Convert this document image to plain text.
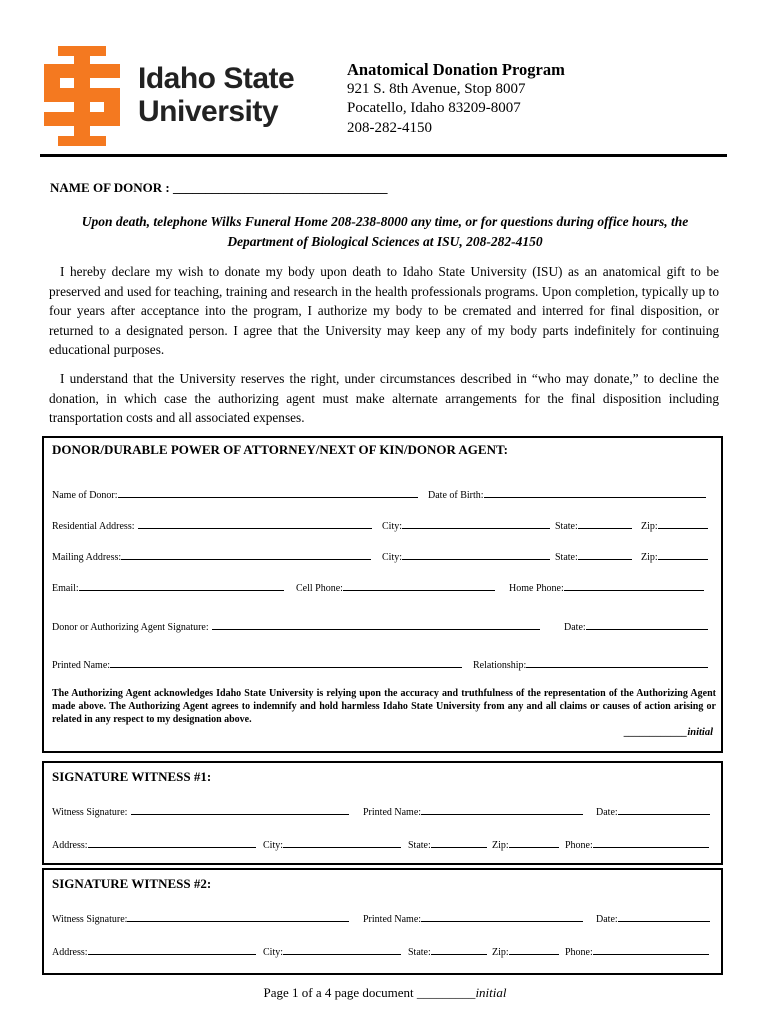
Idaho State
University
Anatomical Donation Program
921 S. 8th Avenue, Stop 8007
Pocatello, Idaho 83209-8007
208-282-4150
NAME OF DONOR : _________________________________
Upon death, telephone Wilks Funeral Home 208-238-8000 any time, or for questions during office hours, the Department of Biological Sciences at ISU, 208-282-4150
I hereby declare my wish to donate my body upon death to Idaho State University (ISU) as an anatomical gift to be preserved and used for teaching, training and research in the health professionals programs. Upon completion, typically up to four years after acceptance into the program, I authorize my body to be cremated and interred for final disposition, or returned to a designated person. I agree that the University may keep any of my body parts indefinitely for continuing educational purposes.
I understand that the University reserves the right, under circumstances described in “who may donate,” to decline the donation, in which case the authorizing agent must make alternate arrangements for the final disposition including transportation costs and all associated expenses.
DONOR/DURABLE POWER OF ATTORNEY/NEXT OF KIN/DONOR AGENT:
Name of Donor:	Date of Birth:
Residential Address:	City:	State:	Zip:
Mailing Address:	City:	State:	Zip:
Email:	Cell Phone:	Home Phone:
Donor or Authorizing Agent Signature:	Date:
Printed Name:	Relationship:
The Authorizing Agent acknowledges Idaho State University is relying upon the accuracy and truthfulness of the representation of the Authorizing Agent made above. The Authorizing Agent agrees to indemnify and hold harmless Idaho State University from any and all claims or causes of action arising or related in any respect to my designation above.
____________initial
SIGNATURE WITNESS #1:
Witness Signature:	Printed Name:	Date:
Address:	City:	State:	Zip:	Phone:
SIGNATURE WITNESS #2:
Witness Signature:	Printed Name:	Date:
Address:	City:	State:	Zip:	Phone:
Page 1 of a 4 page document _________initial
